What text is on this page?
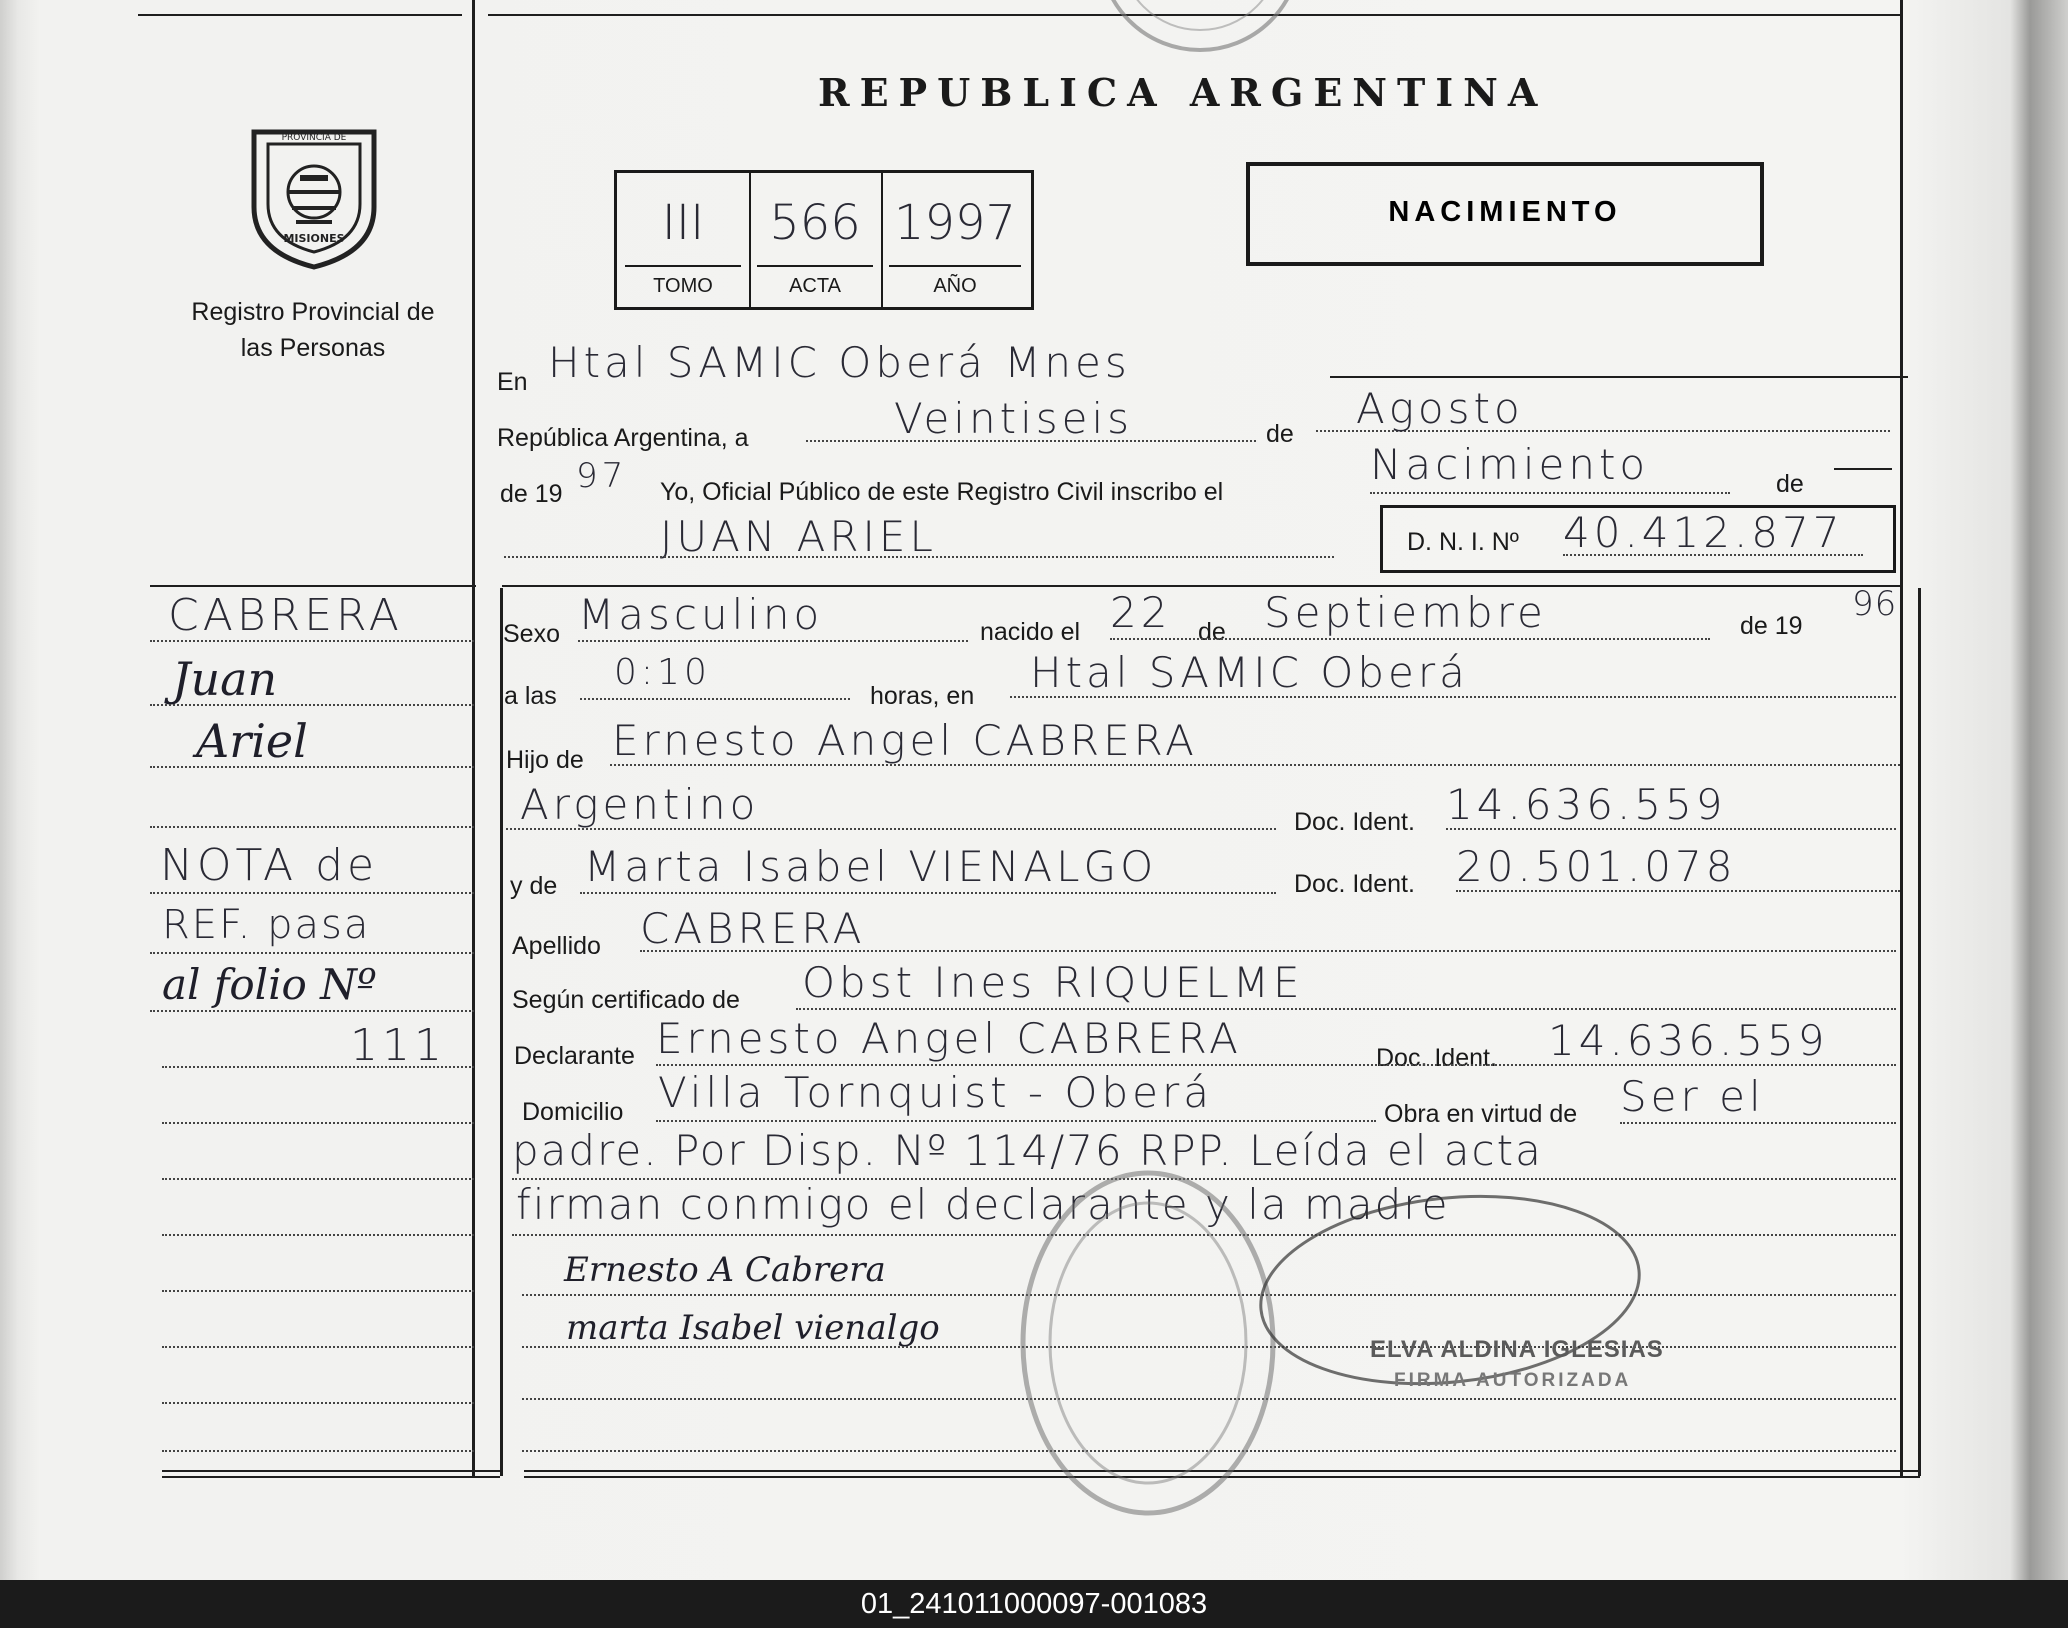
PROVINCIA DE
MISIONES
Registro Provincial de las Personas
REPUBLICA ARGENTINA
III
TOMO
566
ACTA
1997
AÑO
NACIMIENTO
En Htal SAMIC Oberá Mnes
República Argentina, a	Veintiseis	de
Agosto
de 19 97 Yo, Oficial Público de este Registro Civil inscribo el
Nacimiento	de
JUAN ARIEL	D. N. I. Nº 40.412.877
Sexo Masculino	nacido el 22 de Septiembre	de 19
96
a las
0:10
horas, en Htal SAMIC Oberá
Hijo de Ernesto Angel CABRERA
Argentino	Doc. Ident. 14.636.559
y de Marta Isabel VIENALGO	Doc. Ident. 20.501.078
Apellido CABRERA
Según certificado de Obst Ines RIQUELME
Declarante Ernesto Angel CABRERA	Doc. Ident. 14.636.559
Domicilio Villa Tornquist - Oberá	Obra en virtud de Ser el
padre. Por Disp. Nº 114/76 RPP. Leída el acta
firman conmigo el declarante y la madre
Ernesto A Cabrera
marta Isabel vienalgo
CABRERA
Juan
Ariel
NOTA de
REF. pasa
al folio Nº
111
ELVA ALDINA IGLESIAS
FIRMA AUTORIZADA
01_241011000097-001083
